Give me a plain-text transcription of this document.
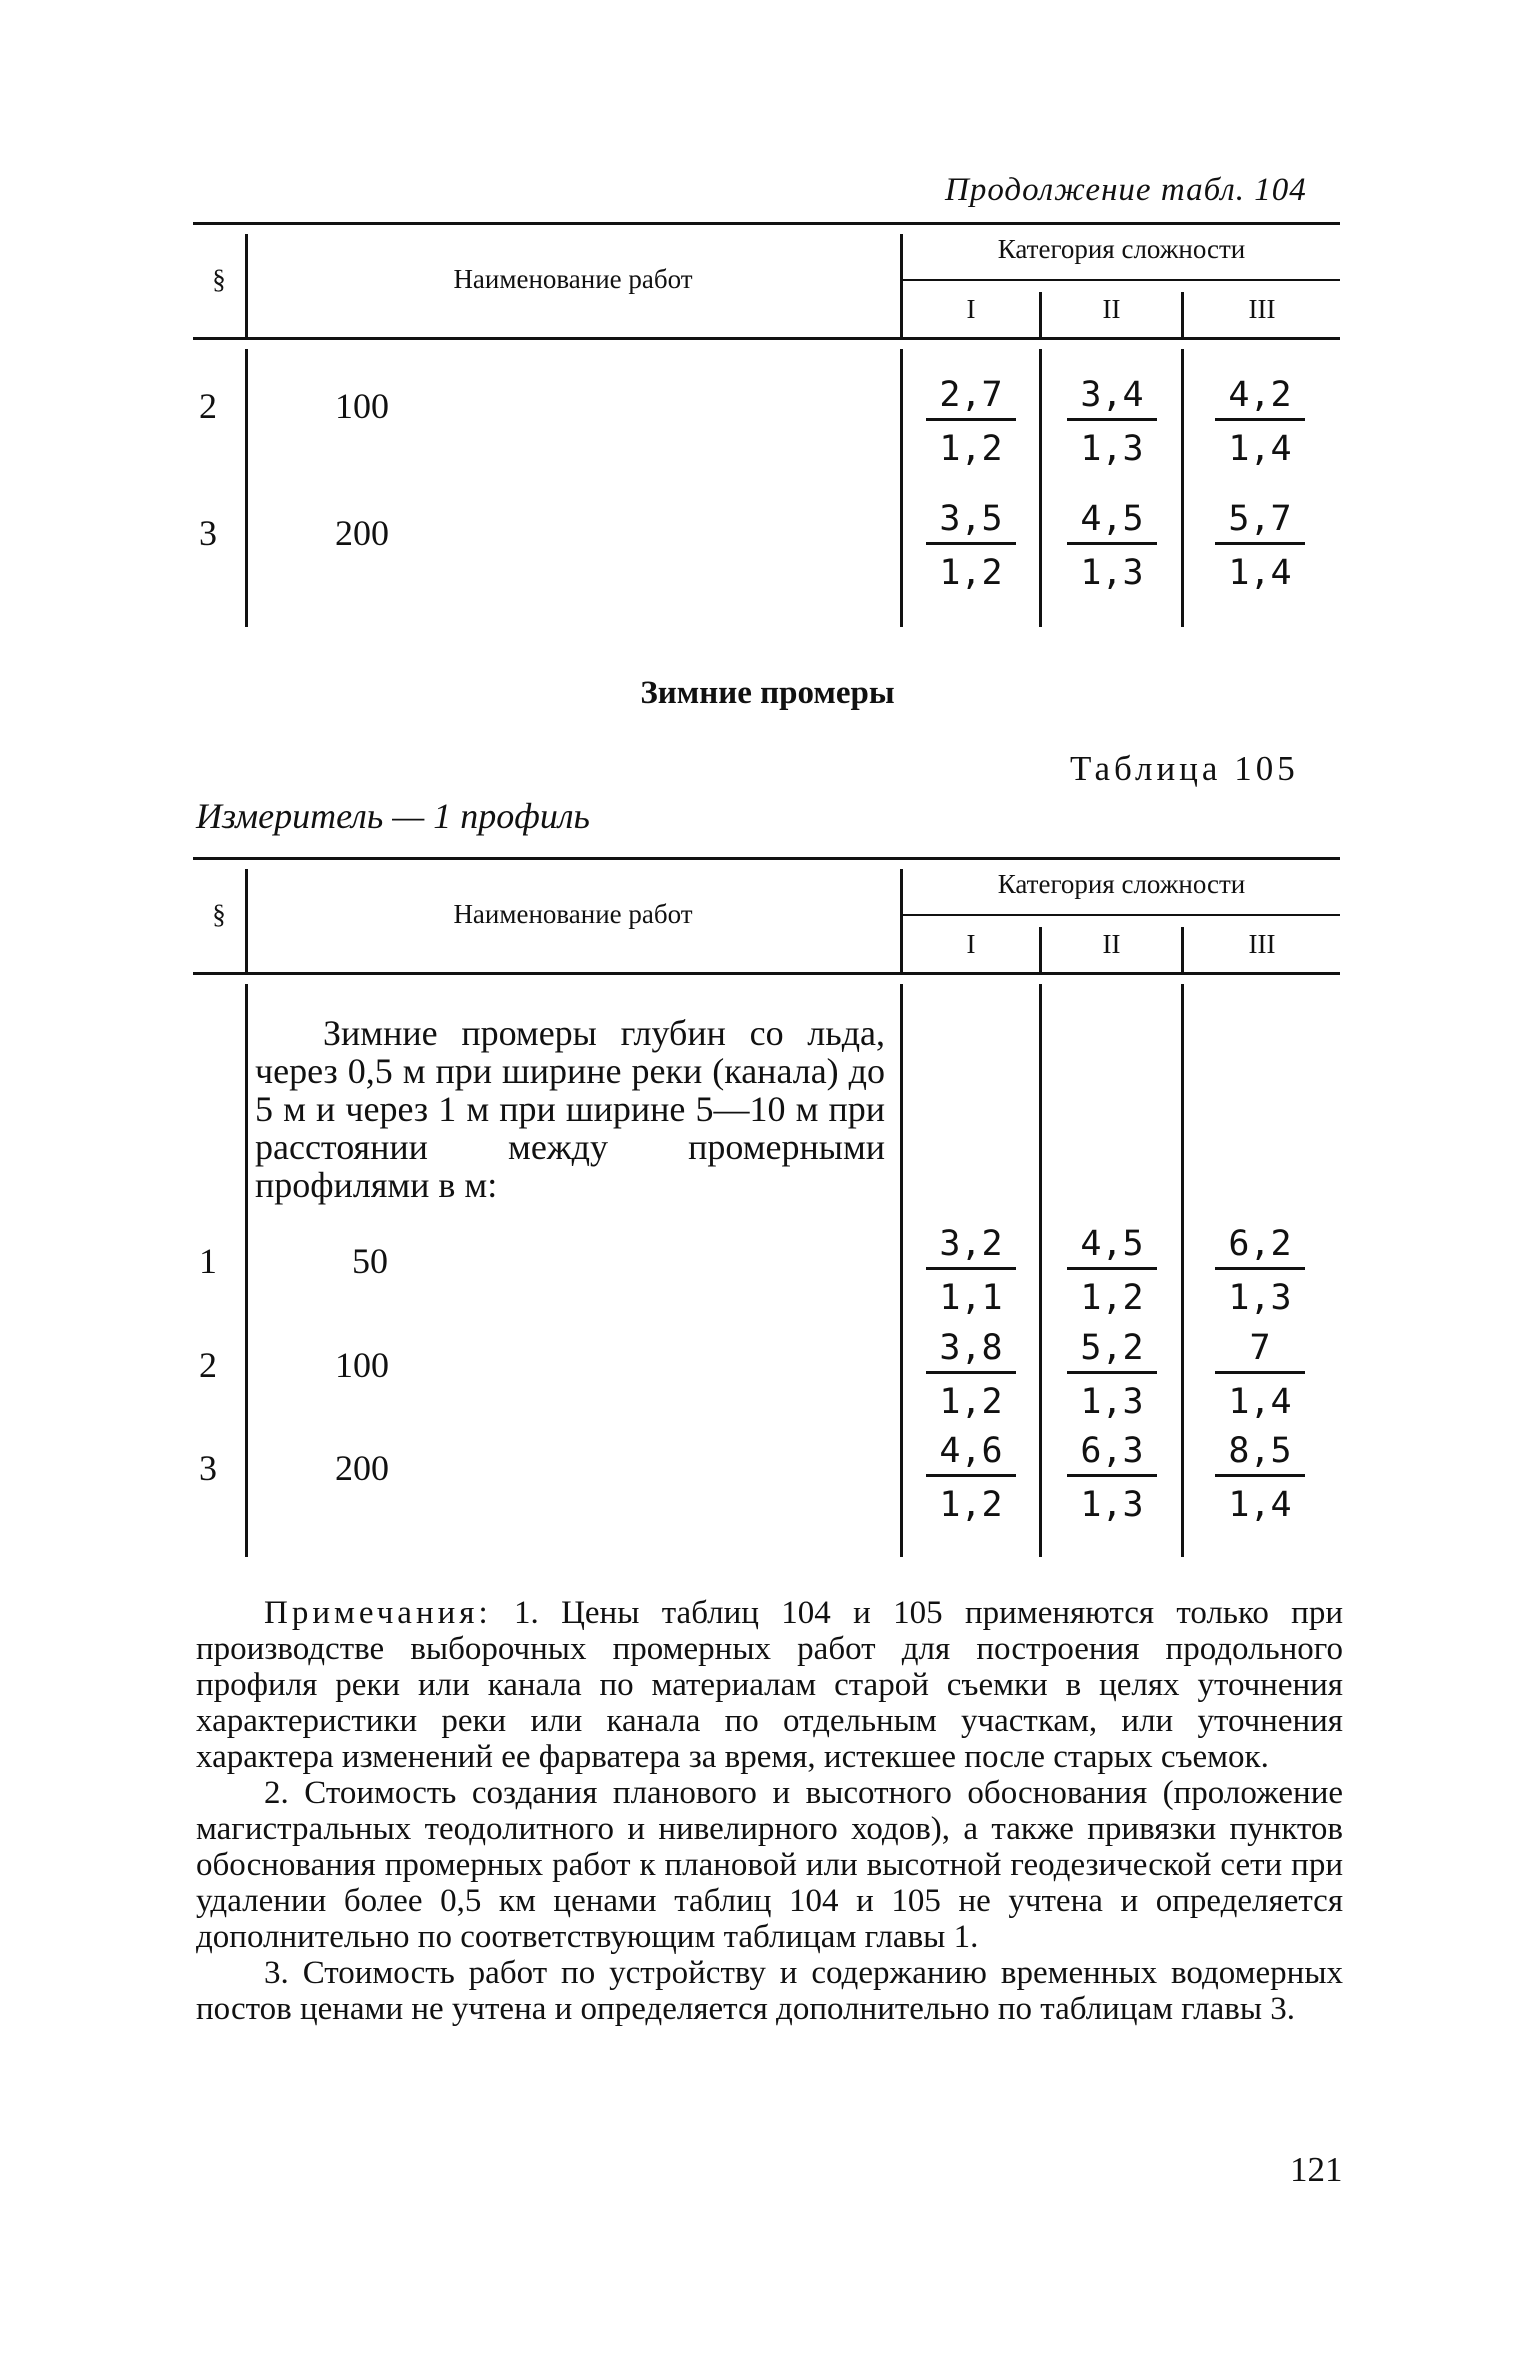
Продолжение табл. 104
§	Наименование работ
Категория сложности
I	II	III
2	100	$\frac{2,7}{1,2} \frac{3,4}{1,3} \frac{4,2}{1,4}$
3	200	$\frac{3,5}{1,2} \frac{4,5}{1,3} \frac{5,7}{1,4}$
Зимние промеры
Таблица 105
Измеритель — 1 профиль
§	Наименование работ
Категория сложности
I	II	III
Зимние промеры глубин со льда, через 0,5 м при ширине реки (канала) до 5 м и через 1 м при ширине 5—10 м при расстоянии между промерными профилями в м:
1	50	$\frac{3,2}{1,1} \frac{4,5}{1,2} \frac{6,2}{1,3}$
2	100	$\frac{3,8}{1,2} \frac{5,2}{1,3} \frac{7}{1,4}$
3	200	$\frac{4,6}{1,2} \frac{6,3}{1,3} \frac{8,5}{1,4}$

Примечания: 1. Цены таблиц 104 и 105 применяются только при производстве выборочных промерных работ для построения продольного профиля реки или канала по материалам старой съемки в целях уточнения характеристики реки или канала по отдельным участкам, или уточнения характера изменений ее фарватера за время, истекшее после старых съемок.

2. Стоимость создания планового и высотного обоснования (проложение магистральных теодолитного и нивелирного ходов), а также привязки пунктов обоснования промерных работ к плановой или высотной геодезической сети при удалении более 0,5 км ценами таблиц 104 и 105 не учтена и определяется дополнительно по соответствующим таблицам главы 1.

3. Стоимость работ по устройству и содержанию временных водомерных постов ценами не учтена и определяется дополнительно по таблицам главы 3.

121
